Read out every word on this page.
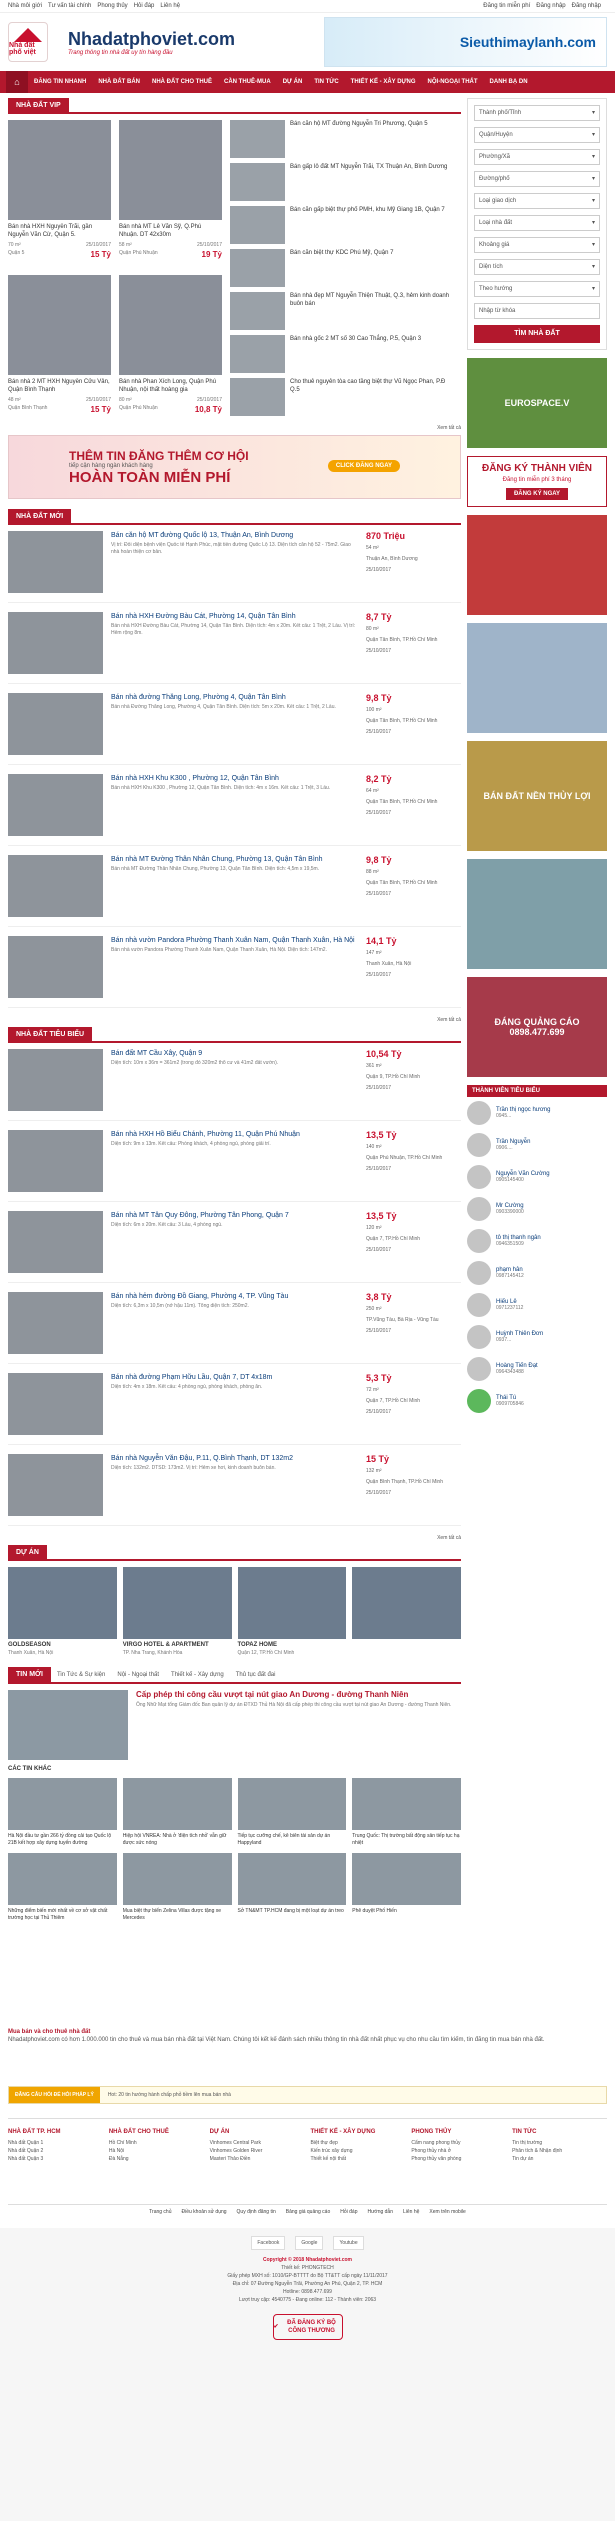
Nhà môi giới Tư vấn tài chính Phong thủy Hỏi đáp Liên hệ	Đăng tin miễn phí Đăng nhập Đăng nhập
Nhà đất phố việt
Nhadatphoviet.com
Trang thông tin nhà đất uy tín hàng đầu
Sieuthimaylanh.com
⌂	ĐĂNG TIN NHANH	NHÀ ĐẤT BÁN	NHÀ ĐẤT CHO THUÊ	CẦN THUÊ-MUA	DỰ ÁN	TIN TỨC	THIẾT KẾ - XÂY DỰNG	NỘI-NGOẠI THẤT	DANH BẠ DN
NHÀ ĐẤT VIP
Bán nhà HXH Nguyễn Trãi, gần Nguyễn Văn Cừ, Quận 5.
70 m²	25/10/2017
Quận 5	15 Tỷ
Bán nhà MT Lê Văn Sỹ, Q.Phú Nhuận. DT 42x30m
58 m²	25/10/2017
Quận Phú Nhuận	19 Tỷ
Bán căn hộ MT đường Nguyễn Tri Phương, Quận 5
Bán gấp lô đất MT Nguyễn Trãi, TX Thuận An, Bình Dương
Bán căn gấp biệt thự phố PMH, khu Mỹ Giang 1B, Quận 7
Bán căn biệt thự KDC Phú Mỹ, Quận 7
Bán nhà đẹp MT Nguyễn Thiện Thuật, Q.3, hẻm kinh doanh buôn bán
Bán nhà gốc 2 MT số 30 Cao Thắng, P.5, Quận 3
Cho thuê nguyên tòa cao tầng biệt thự Vũ Ngọc Phan, P.Đ Q.5
Bán nhà 2 MT HXH Nguyễn Cửu Vân, Quận Bình Thạnh
48 m²	25/10/2017
Quận Bình Thạnh	15 Tỷ
Bán nhà Phan Xích Long, Quận Phú Nhuận, nội thất hoàng gia
80 m²	25/10/2017
Quận Phú Nhuận	10,8 Tỷ
Xem tất cả
THÊM TIN ĐĂNG THÊM CƠ HỘI
tiếp cận hàng ngàn khách hàng
HOÀN TOÀN MIỄN PHÍ
CLICK ĐĂNG NGAY
NHÀ ĐẤT MỚI
Bán căn hộ MT đường Quốc lộ 13, Thuận An, Bình Dương
Vị trí: Đối diện bệnh viện Quốc tế Hạnh Phúc, mặt tiền đường Quốc Lộ 13. Diện tích căn hộ 52 - 75m2. Giao nhà hoàn thiện cơ bản.
870 Triệu
54 m²
Thuận An, Bình Dương
25/10/2017
Bán nhà HXH Đường Bàu Cát, Phường 14, Quận Tân Bình
Bán nhà HXH Đường Bàu Cát, Phường 14, Quận Tân Bình. Diện tích: 4m x 20m. Kết cấu: 1 Trệt, 2 Lầu. Vị trí: Hẻm rộng 8m.
8,7 Tỷ
80 m²
Quận Tân Bình, TP.Hồ Chí Minh
25/10/2017
Bán nhà đường Thăng Long, Phường 4, Quận Tân Bình
Bán nhà Đường Thăng Long, Phường 4, Quận Tân Bình. Diện tích: 5m x 20m. Kết cấu: 1 Trệt, 2 Lầu.
9,8 Tỷ
100 m²
Quận Tân Bình, TP.Hồ Chí Minh
25/10/2017
Bán nhà HXH Khu K300 , Phường 12, Quận Tân Bình
Bán nhà HXH Khu K300 , Phường 12, Quận Tân Bình. Diện tích: 4m x 16m. Kết cấu: 1 Trệt, 3 Lầu.
8,2 Tỷ
64 m²
Quận Tân Bình, TP.Hồ Chí Minh
25/10/2017
Bán nhà MT Đường Thân Nhân Chung, Phường 13, Quận Tân Bình
Bán nhà MT Đường Thân Nhân Chung, Phường 13, Quận Tân Bình. Diện tích: 4,5m x 19,5m.
9,8 Tỷ
88 m²
Quận Tân Bình, TP.Hồ Chí Minh
25/10/2017
Bán nhà vườn Pandora Phường Thanh Xuân Nam, Quận Thanh Xuân, Hà Nội
Bán nhà vườn Pandora Phường Thanh Xuân Nam, Quận Thanh Xuân, Hà Nội. Diện tích: 147m2.
14,1 Tỷ
147 m²
Thanh Xuân, Hà Nội
25/10/2017
Xem tất cả
NHÀ ĐẤT TIÊU BIỂU
Bán đất MT Cầu Xây, Quận 9
Diện tích: 10m x 36m = 361m2 (trong đó 320m2 thổ cư và 41m2 đất vườn).
10,54 Tỷ
361 m²
Quận 9, TP.Hồ Chí Minh
25/10/2017
Bán nhà HXH Hồ Biểu Chánh, Phường 11, Quận Phú Nhuận
Diện tích: 9m x 13m. Kết cấu: Phòng khách, 4 phòng ngủ, phòng giải trí.
13,5 Tỷ
140 m²
Quận Phú Nhuận, TP.Hồ Chí Minh
25/10/2017
Bán nhà MT Tân Quy Đông, Phường Tân Phong, Quận 7
Diện tích: 6m x 20m. Kết cấu: 3 Lầu, 4 phòng ngủ.
13,5 Tỷ
120 m²
Quận 7, TP.Hồ Chí Minh
25/10/2017
Bán nhà hẻm đường Đồ Giang, Phường 4, TP. Vũng Tàu
Diện tích: 6,3m x 10,5m (nở hậu 11m). Tổng diện tích: 250m2.
3,8 Tỷ
250 m²
TP.Vũng Tàu, Bà Rịa - Vũng Tàu
25/10/2017
Bán nhà đường Phạm Hữu Lầu, Quận 7, DT 4x18m
Diện tích: 4m x 18m. Kết cấu: 4 phòng ngủ, phòng khách, phòng ăn.
5,3 Tỷ
72 m²
Quận 7, TP.Hồ Chí Minh
25/10/2017
Bán nhà Nguyễn Văn Đậu, P.11, Q.Bình Thạnh, DT 132m2
Diện tích: 132m2. DTSD: 173m2. Vị trí: Hẻm xe hơi, kinh doanh buôn bán.
15 Tỷ
132 m²
Quận Bình Thạnh, TP.Hồ Chí Minh
25/10/2017
Xem tất cả
DỰ ÁN
GOLDSEASON
Thanh Xuân, Hà Nội
VIRGO HOTEL & APARTMENT
TP. Nha Trang, Khánh Hòa
TOPAZ HOME
Quận 12, TP.Hồ Chí Minh
TIN MỚI	Tin Tức & Sự kiện	Nội - Ngoại thất	Thiết kế - Xây dựng	Thủ tục đất đai
Cấp phép thi công cầu vượt tại nút giao An Dương - đường Thanh Niên
Ông Nhữ Mạt tổng Giám đốc Ban quản lý dự án ĐTXD Thủ Hà Nội đã cấp phép thi công cầu vượt tại nút giao An Dương - đường Thanh Niên.
CÁC TIN KHÁC
Hà Nội đầu tư gần 266 tỷ đồng cải tạo Quốc lộ 21B kết hợp xây dựng tuyến đường
Hiệp hội VNREA: Nhà ở 'điện tích nhỏ' vẫn giữ được sức nóng
Tiếp tục cưỡng chế, kê biên tài sản dự án Happyland
Trung Quốc: Thị trường bất động sản tiếp tục hạ nhiệt
Những điểm biến mới nhất về cơ sở vật chất trường học tại Thủ Thiêm
Mua biệt thự biển Zelina Villas được tặng xe Mercedes
Sở TN&MT TP.HCM đang bị một loạt dự án treo	Phê duyệt Phố Hiến
Thành phố/Tỉnh	▾
Quận/Huyện	▾
Phường/Xã	▾
Đường/phố	▾
Loại giao dịch	▾
Loại nhà đất	▾
Khoảng giá	▾
Diện tích	▾
Theo hướng	▾
Nhập từ khóa
TÌM NHÀ ĐẤT
EUROSPACE.V
ĐĂNG KÝ THÀNH VIÊN
Đăng tin miễn phí 3 tháng
ĐĂNG KÝ NGAY
BÁN ĐẤT NỀN THỦY LỢI
ĐÁNG QUẢNG CÁO
0898.477.699
THÀNH VIÊN TIÊU BIỂU
Trần thị ngọc hương
0945...
Trần Nguyễn
0906....
Nguyễn Văn Cường
0905145400
Mr Cường
0903390000
tô thị thanh ngân
0946351509
phạm hân
0987145412
Hiếu Lê
0971237112
Huỳnh Thiên Đơn
0937...
Hoàng Tiến Đạt
0964343488
Thái Tú
0909705846
Mua bán và cho thuê nhà đất
Nhadatphoviet.com có hơn 1.000.000 tin cho thuê và mua bán nhà đất tại Việt Nam. Chúng tôi kết kế đánh sách nhiều thông tin nhà đất nhất phục vụ cho nhu cầu tìm kiếm, tin đăng tin mua bán nhà đất.
ĐĂNG CÂU HỎI ĐỂ HỎI PHÁP LÝ	Hot: 20 tin hướng hành chấp phỏ tiềm lên mua bán nhà
NHÀ ĐẤT TP. HCM
Nhà đất Quận 1
Nhà đất Quận 2
Nhà đất Quận 3
NHÀ ĐẤT CHO THUÊ
Hồ Chí Minh
Hà Nội
Đà Nẵng
DỰ ÁN
Vinhomes Central Park
Vinhomes Golden River
Masteri Thảo Điền
THIẾT KẾ - XÂY DỰNG
Biệt thự đẹp
Kiến trúc xây dựng
Thiết kế nội thất
PHONG THỦY
Cẩm nang phong thủy
Phong thủy nhà ở
Phong thủy văn phòng
TIN TỨC
Tin thị trường
Phân tích & Nhận định
Tin dự án
Trang chủ Điều khoản sử dụng Quy định đăng tin Bảng giá quảng cáo Hỏi đáp Hướng dẫn Liên hệ Xem trên mobile
Facebook	Google	Youtube
Copyright © 2018 Nhadatphoviet.com
Thiết kế: PHONGTECH
Giấy phép MXH số: 1010/GP-BTTTT do Bộ TT&TT cấp ngày 11/11/2017
Địa chỉ: 07 Đường Nguyễn Trãi, Phường An Phú, Quận 2, TP. HCM
Hotline: 0898.477.699
Lượt truy cập: 4540775 - Đang online: 112 - Thành viên: 2063
✔
ĐÃ ĐĂNG KÝ BỘ CÔNG THƯƠNG
